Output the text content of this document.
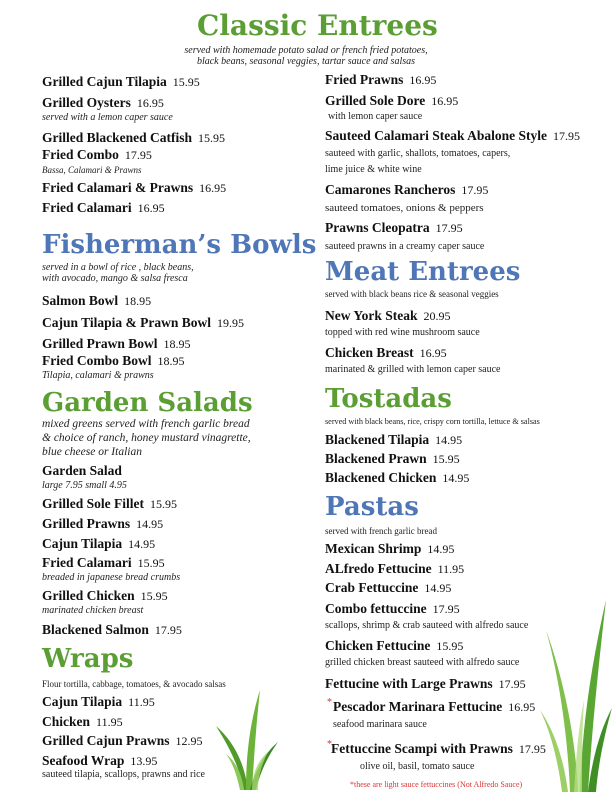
Classic Entrees
served with homemade potato salad or french fried potatoes,
black beans, seasonal veggies, tartar sauce and salsas
Grilled Cajun Tilapia 15.95
Grilled Oysters 16.95
served with a lemon caper sauce
Grilled Blackened Catfish 15.95
Fried Combo 17.95
Bassa, Calamari & Prawns
Fried Calamari & Prawns 16.95
Fried Calamari 16.95
Fried Prawns 16.95
Grilled Sole Dore 16.95
with lemon caper sauce
Sauteed Calamari Steak Abalone Style 17.95
sauteed with garlic, shallots, tomatoes, capers,
lime juice & white wine
Camarones Rancheros 17.95
sauteed tomatoes, onions & peppers
Prawns Cleopatra 17.95
sauteed prawns in a creamy caper sauce
Fisherman’s Bowls
served in a bowl of rice , black beans,
with avocado, mango & salsa fresca
Salmon Bowl 18.95
Cajun Tilapia & Prawn Bowl 19.95
Grilled Prawn Bowl 18.95
Fried Combo Bowl 18.95
Tilapia, calamari & prawns
Garden Salads
mixed greens served with french garlic bread
& choice of ranch, honey mustard vinagrette,
blue cheese or Italian
Garden Salad
large 7.95 small 4.95
Grilled Sole Fillet 15.95
Grilled Prawns 14.95
Cajun Tilapia 14.95
Fried Calamari 15.95
breaded in japanese bread crumbs
Grilled Chicken 15.95
marinated chicken breast
Blackened Salmon 17.95
Wraps
Flour tortilla, cabbage, tomatoes, & avocado salsas
Cajun Tilapia 11.95
Chicken 11.95
Grilled Cajun Prawns 12.95
Seafood Wrap 13.95
sauteed tilapia, scallops, prawns and rice
Meat Entrees
served with black beans rice & seasonal veggies
New York Steak 20.95
topped with red wine mushroom sauce
Chicken Breast 16.95
marinated & grilled with lemon caper sauce
Tostadas
served with black beans, rice, crispy corn tortilla, lettuce & salsas
Blackened Tilapia 14.95
Blackened Prawn 15.95
Blackened Chicken 14.95
Pastas
served with french garlic bread
Mexican Shrimp 14.95
ALfredo Fettucine 11.95
Crab Fettuccine 14.95
Combo fettuccine 17.95
scallops, shrimp & crab sauteed with alfredo sauce
Chicken Fettucine 15.95
grilled chicken breast sauteed with alfredo sauce
Fettucine with Large Prawns 17.95
* Pescador Marinara Fettucine 16.95
seafood marinara sauce
* Fettuccine Scampi with Prawns 17.95
olive oil, basil, tomato sauce
*these are light sauce fettuccines (Not Alfredo Sauce)
